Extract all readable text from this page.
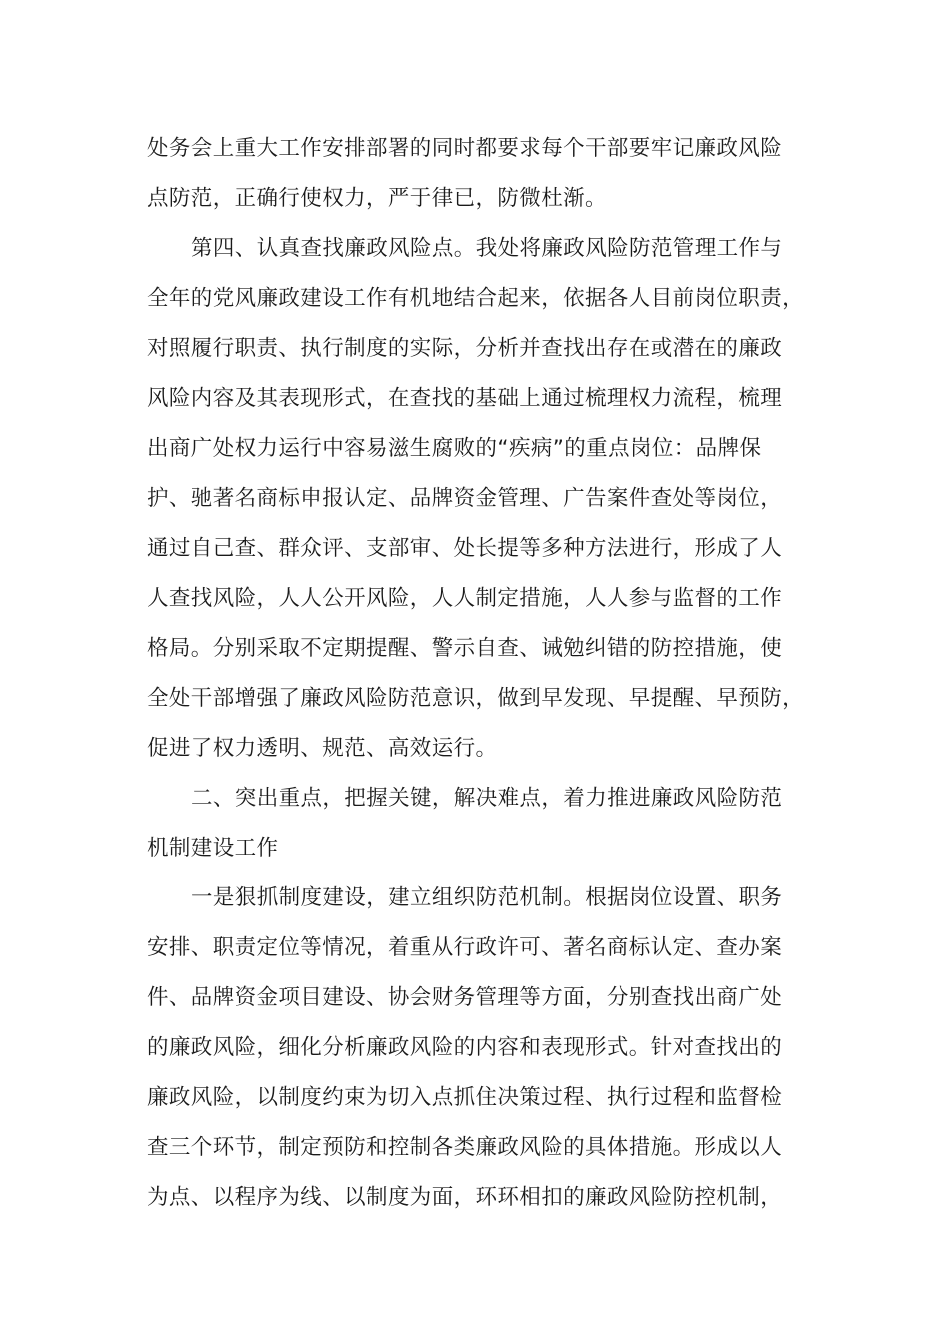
处务会上重大工作安排部署的同时都要求每个干部要牢记廉政风险
点防范，正确行使权力，严于律已，防微杜渐。
第四、认真查找廉政风险点。我处将廉政风险防范管理工作与
全年的党风廉政建设工作有机地结合起来，依据各人目前岗位职责，
对照履行职责、执行制度的实际，分析并查找出存在或潜在的廉政
风险内容及其表现形式，在查找的基础上通过梳理权力流程，梳理
出商广处权力运行中容易滋生腐败的“疾病”的重点岗位：品牌保
护、驰著名商标申报认定、品牌资金管理、广告案件查处等岗位，
通过自己查、群众评、支部审、处长提等多种方法进行，形成了人
人查找风险，人人公开风险，人人制定措施，人人参与监督的工作
格局。分别采取不定期提醒、警示自查、诫勉纠错的防控措施，使
全处干部增强了廉政风险防范意识，做到早发现、早提醒、早预防，
促进了权力透明、规范、高效运行。
二、突出重点，把握关键，解决难点，着力推进廉政风险防范
机制建设工作
一是狠抓制度建设，建立组织防范机制。根据岗位设置、职务
安排、职责定位等情况，着重从行政许可、著名商标认定、查办案
件、品牌资金项目建设、协会财务管理等方面，分别查找出商广处
的廉政风险，细化分析廉政风险的内容和表现形式。针对查找出的
廉政风险，以制度约束为切入点抓住决策过程、执行过程和监督检
查三个环节，制定预防和控制各类廉政风险的具体措施。形成以人
为点、以程序为线、以制度为面，环环相扣的廉政风险防控机制，
